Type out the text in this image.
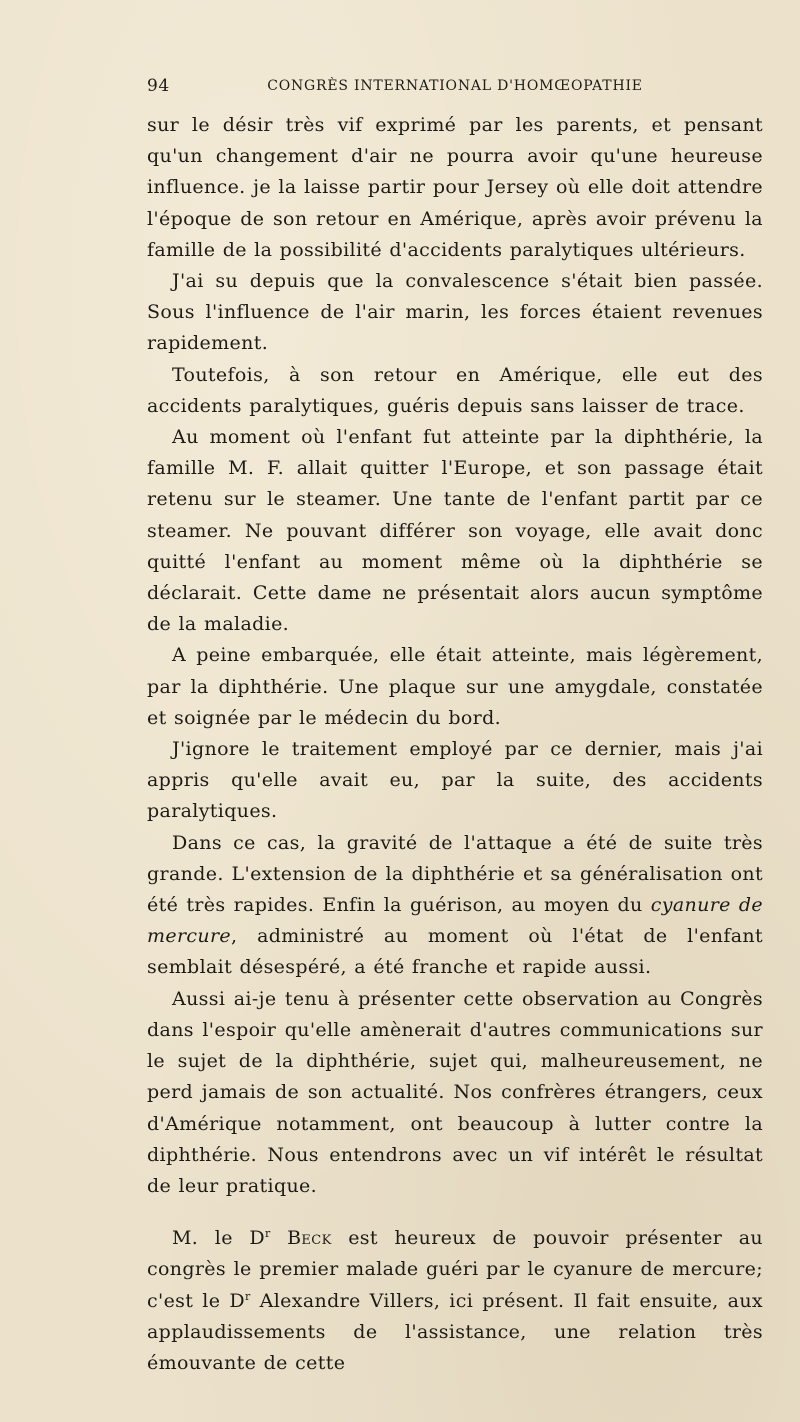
94	CONGRÈS INTERNATIONAL D'HOMŒOPATHIE

sur le désir très vif exprimé par les parents, et pensant qu'un changement d'air ne pourra avoir qu'une heureuse influence. je la laisse partir pour Jersey où elle doit attendre l'époque de son retour en Amérique, après avoir prévenu la famille de la possibilité d'accidents paralytiques ultérieurs.

J'ai su depuis que la convalescence s'était bien passée. Sous l'influence de l'air marin, les forces étaient revenues rapidement.

Toutefois, à son retour en Amérique, elle eut des accidents paralytiques, guéris depuis sans laisser de trace.

Au moment où l'enfant fut atteinte par la diphthérie, la famille M. F. allait quitter l'Europe, et son passage était retenu sur le steamer. Une tante de l'enfant partit par ce steamer. Ne pouvant différer son voyage, elle avait donc quitté l'enfant au moment même où la diphthérie se déclarait. Cette dame ne présentait alors aucun symptôme de la maladie.

A peine embarquée, elle était atteinte, mais légèrement, par la diphthérie. Une plaque sur une amygdale, constatée et soignée par le médecin du bord.

J'ignore le traitement employé par ce dernier, mais j'ai appris qu'elle avait eu, par la suite, des accidents paralytiques.

Dans ce cas, la gravité de l'attaque a été de suite très grande. L'extension de la diphthérie et sa généralisation ont été très rapides. Enfin la guérison, au moyen du cyanure de mercure, administré au moment où l'état de l'enfant semblait désespéré, a été franche et rapide aussi.

Aussi ai-je tenu à présenter cette observation au Congrès dans l'espoir qu'elle amènerait d'autres communications sur le sujet de la diphthérie, sujet qui, malheureusement, ne perd jamais de son actualité. Nos confrères étrangers, ceux d'Amérique notamment, ont beaucoup à lutter contre la diphthérie. Nous entendrons avec un vif intérêt le résultat de leur pratique.

M. le $D^r$ Beck est heureux de pouvoir présenter au congrès le premier malade guéri par le cyanure de mercure; c'est le $D^r$ Alexandre Villers, ici présent. Il fait ensuite, aux applaudissements de l'assistance, une relation très émouvante de cette
